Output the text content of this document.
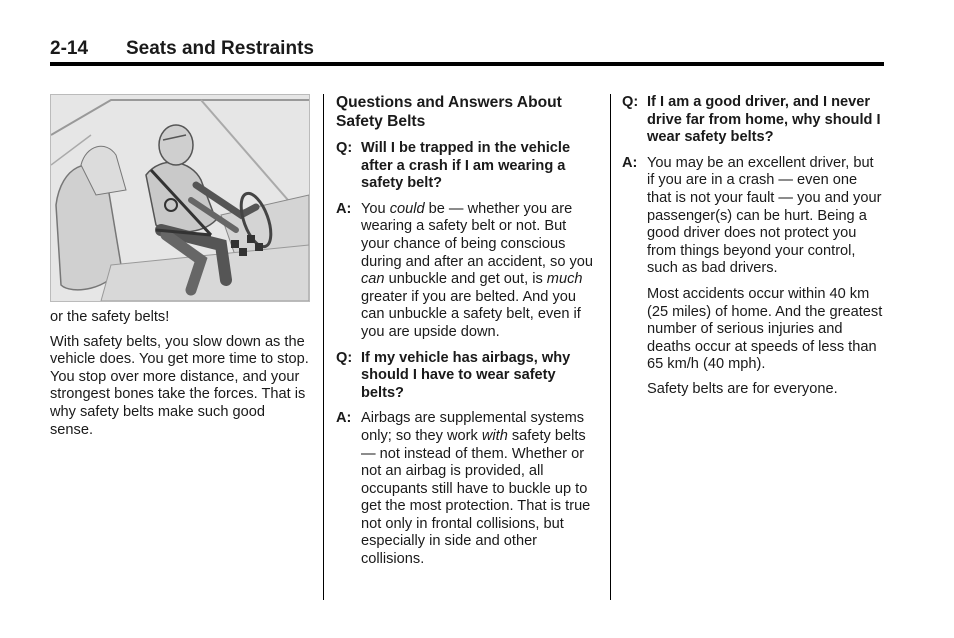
2-14 Seats and Restraints

or the safety belts!

With safety belts, you slow down as the vehicle does. You get more time to stop. You stop over more distance, and your strongest bones take the forces. That is why safety belts make such good sense.

Questions and Answers About Safety Belts
Q: Will I be trapped in the vehicle after a crash if I am wearing a safety belt?
A: You could be — whether you are wearing a safety belt or not. But your chance of being conscious during and after an accident, so you can unbuckle and get out, is much greater if you are belted. And you can unbuckle a safety belt, even if you are upside down.
Q: If my vehicle has airbags, why should I have to wear safety belts?
A: Airbags are supplemental systems only; so they work with safety belts — not instead of them. Whether or not an airbag is provided, all occupants still have to buckle up to get the most protection. That is true not only in frontal collisions, but especially in side and other collisions.
Q: If I am a good driver, and I never drive far from home, why should I wear safety belts?
A: You may be an excellent driver, but if you are in a crash — even one that is not your fault — you and your passenger(s) can be hurt. Being a good driver does not protect you from things beyond your control, such as bad drivers.

Most accidents occur within 40 km (25 miles) of home. And the greatest number of serious injuries and deaths occur at speeds of less than 65 km/h (40 mph).

Safety belts are for everyone.
